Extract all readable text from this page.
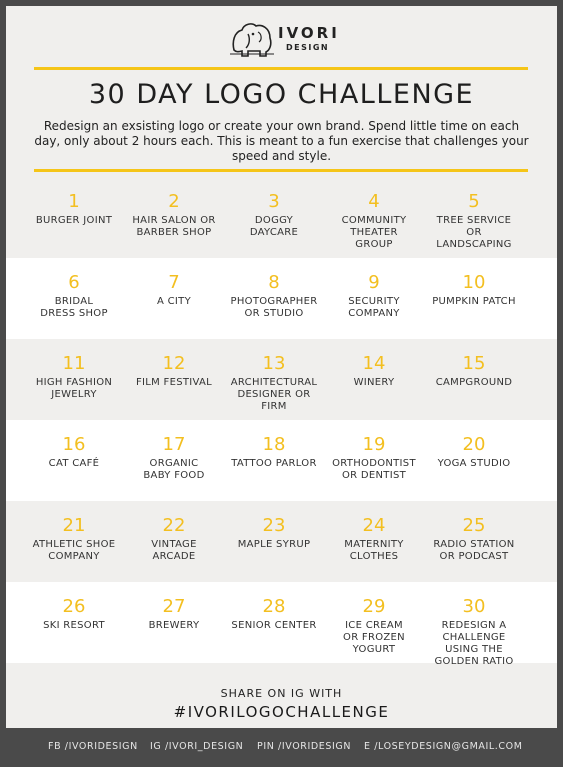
IVORI
DESIGN
30 DAY LOGO CHALLENGE
Redesign an exsisting logo or create your own brand. Spend little time on each day, only about 2 hours each. This is meant to a fun exercise that challenges your speed and style.
1
BURGER JOINT
2
HAIR SALON OR
BARBER SHOP
3
DOGGY
DAYCARE
4
COMMUNITY
THEATER
GROUP
5
TREE SERVICE
OR
LANDSCAPING
6
BRIDAL
DRESS SHOP
7
A CITY
8
PHOTOGRAPHER
OR STUDIO
9
SECURITY
COMPANY
10
PUMPKIN PATCH
11
HIGH FASHION
JEWELRY
12
FILM FESTIVAL
13
ARCHITECTURAL
DESIGNER OR
FIRM
14
WINERY
15
CAMPGROUND
16
CAT CAFÉ
17
ORGANIC
BABY FOOD
18
TATTOO PARLOR
19
ORTHODONTIST
OR DENTIST
20
YOGA STUDIO
21
ATHLETIC SHOE
COMPANY
22
VINTAGE
ARCADE
23
MAPLE SYRUP
24
MATERNITY
CLOTHES
25
RADIO STATION
OR PODCAST
26
SKI RESORT
27
BREWERY
28
SENIOR CENTER
29
ICE CREAM
OR FROZEN
YOGURT
30
REDESIGN A
CHALLENGE
USING THE
GOLDEN RATIO
SHARE ON IG WITH
#IVORILOGOCHALLENGE
FB /IVORIDESIGN IG /IVORI_DESIGN PIN /IVORIDESIGN E /LOSEYDESIGN@GMAIL.COM
